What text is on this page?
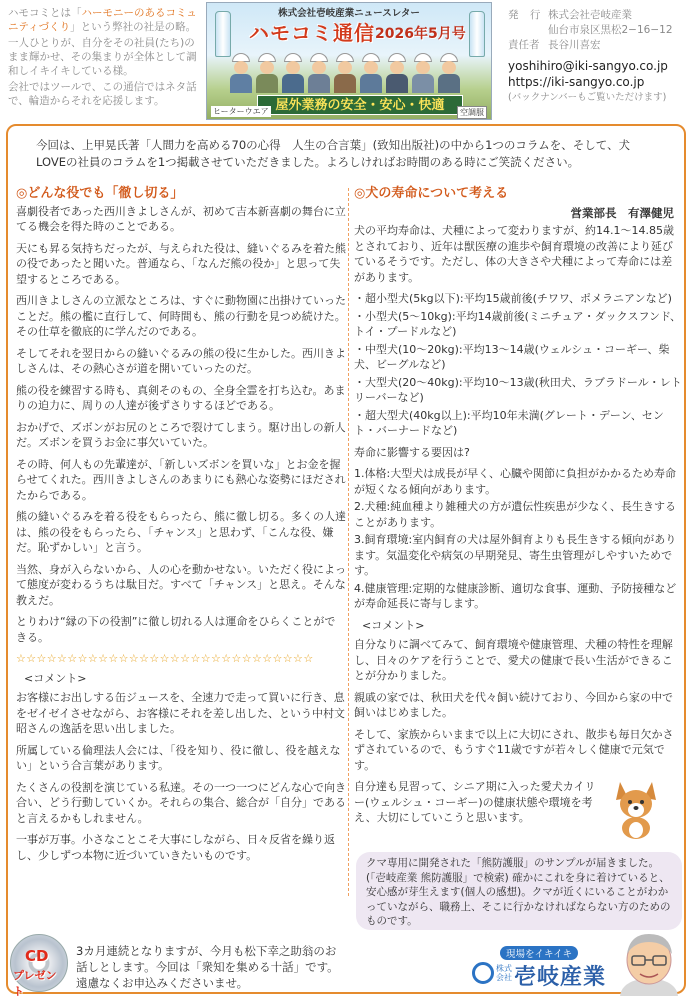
ハモコミとは「ハーモニーのあるコミュニティづくり」という弊社の社是の略。

一人ひとりが、自分をその社員(たち)のまま輝かせ、その集まりが全体として調和しイキイキしている様。

会社ではツールで、この通信ではネタ話で、輪造からそれを応援します。

株式会社壱岐産業ニュースレター
ハモコミ通信 2026年5月号
屋外業務の安全・安心・快適
ヒーターウエア	空調服
発 行 株式会社壱岐産業
仙台市泉区黒松2−16−12
責任者 長谷川喜宏
yoshihiro@iki-sangyo.co.jp
https://iki-sangyo.co.jp
(バックナンバーもご覧いただけます)
今回は、上甲晃氏著「人間力を高める70の心得　人生の合言葉」(致知出版社)の中から1つのコラムを、そして、犬LOVEの社員のコラムを1つ掲載させていただきました。よろしければお時間のある時にご笑読ください。
◎どんな役でも「徹し切る」

喜劇役者であった西川きよしさんが、初めて吉本新喜劇の舞台に立てる機会を得た時のことである。

天にも昇る気持ちだったが、与えられた役は、縫いぐるみを着た熊の役であったと聞いた。普通なら、「なんだ熊の役か」と思って失望するところである。

西川きよしさんの立派なところは、すぐに動物園に出掛けていったことだ。熊の檻に直行して、何時間も、熊の行動を見つめ続けた。その仕草を徹底的に学んだのである。

そしてそれを翌日からの縫いぐるみの熊の役に生かした。西川きよしさんは、その熱心さが道を開いていったのだ。

熊の役を練習する時も、真剣そのもの、全身全霊を打ち込む。あまりの迫力に、周りの人達が後ずさりするほどである。

おかげで、ズボンがお尻のところで裂けてしまう。駆け出しの新人だ。ズボンを買うお金に事欠いていた。

その時、何人もの先輩達が、「新しいズボンを買いな」とお金を握らせてくれた。西川きよしさんのあまりにも熱心な姿勢にほだされたからである。

熊の縫いぐるみを着る役をもらったら、熊に徹し切る。多くの人達は、熊の役をもらったら、「チャンス」と思わず、「こんな役、嫌だ。恥ずかしい」と言う。

当然、身が入らないから、人の心を動かせない。いただく役によって態度が変わるうちは駄目だ。すべて「チャンス」と思え。そんな教えだ。

とりわけ“縁の下の役割”に徹し切れる人は運命をひらくことができる。

☆☆☆☆☆☆☆☆☆☆☆☆☆☆☆☆☆☆☆☆☆☆☆☆☆☆☆☆☆
<コメント>

お客様にお出しする缶ジュースを、全速力で走って買いに行き、息をゼイゼイさせながら、お客様にそれを差し出した、という中村文昭さんの逸話を思い出しました。

所属している倫理法人会には、「役を知り、役に徹し、役を越えない」という合言葉があります。

たくさんの役割を演じている私達。その一つ一つにどんな心で向き合い、どう行動していくか。それらの集合、総合が「自分」であると言えるかもしれません。

一事が万事。小さなことこそ大事にしながら、日々反省を繰り返し、少しずつ本物に近づいていきたいものです。

◎犬の寿命について考える
営業部長　有澤健児

犬の平均寿命は、犬種によって変わりますが、約14.1〜14.85歳とされており、近年は獣医療の進歩や飼育環境の改善により延びているそうです。ただし、体の大きさや犬種によって寿命には差があります。

・超小型犬(5kg以下):平均15歳前後(チワワ、ポメラニアンなど)
・小型犬(5〜10kg):平均14歳前後(ミニチュア・ダックスフンド、トイ・プードルなど)
・中型犬(10〜20kg):平均13〜14歳(ウェルシュ・コーギー、柴犬、ビーグルなど)
・大型犬(20〜40kg):平均10〜13歳(秋田犬、ラブラドール・レトリーバーなど)
・超大型犬(40kg以上):平均10年未満(グレート・デーン、セント・バーナードなど)

寿命に影響する要因は?

1.体格:大型犬は成長が早く、心臓や関節に負担がかかるため寿命が短くなる傾向があります。
2.犬種:純血種より雑種犬の方が遺伝性疾患が少なく、長生きすることがあります。
3.飼育環境:室内飼育の犬は屋外飼育よりも長生きする傾向があります。気温変化や病気の早期発見、寄生虫管理がしやすいためです。
4.健康管理:定期的な健康診断、適切な食事、運動、予防接種などが寿命延長に寄与します。
<コメント>

自分なりに調べてみて、飼育環境や健康管理、犬種の特性を理解し、日々のケアを行うことで、愛犬の健康で長い生活ができることが分かりました。

親戚の家では、秋田犬を代々飼い続けており、今回から家の中で飼いはじめました。

そして、家族からいままで以上に大切にされ、散歩も毎日欠かさずされているので、もうすぐ11歳ですが若々しく健康で元気です。

自分達も見習って、シニア期に入った愛犬カイリー(ウェルシュ・コーギー)の健康状態や環境を考え、大切にしていこうと思います。

クマ専用に開発された「熊防護服」のサンプルが届きました。(「壱岐産業 熊防護服」で検索) 確かにこれを身に着けていると、安心感が芽生えます(個人の感想)。クマが近くにいることがわかっていながら、職務上、そこに行かなければならない方のためのものです。
CD
プレゼント
3カ月連続となりますが、今月も松下幸之助翁のお話しとします。今回は「衆知を集める十話」です。遠慮なくお申込みくださいませ。
現場をイキイキ
株式会社 壱岐産業
